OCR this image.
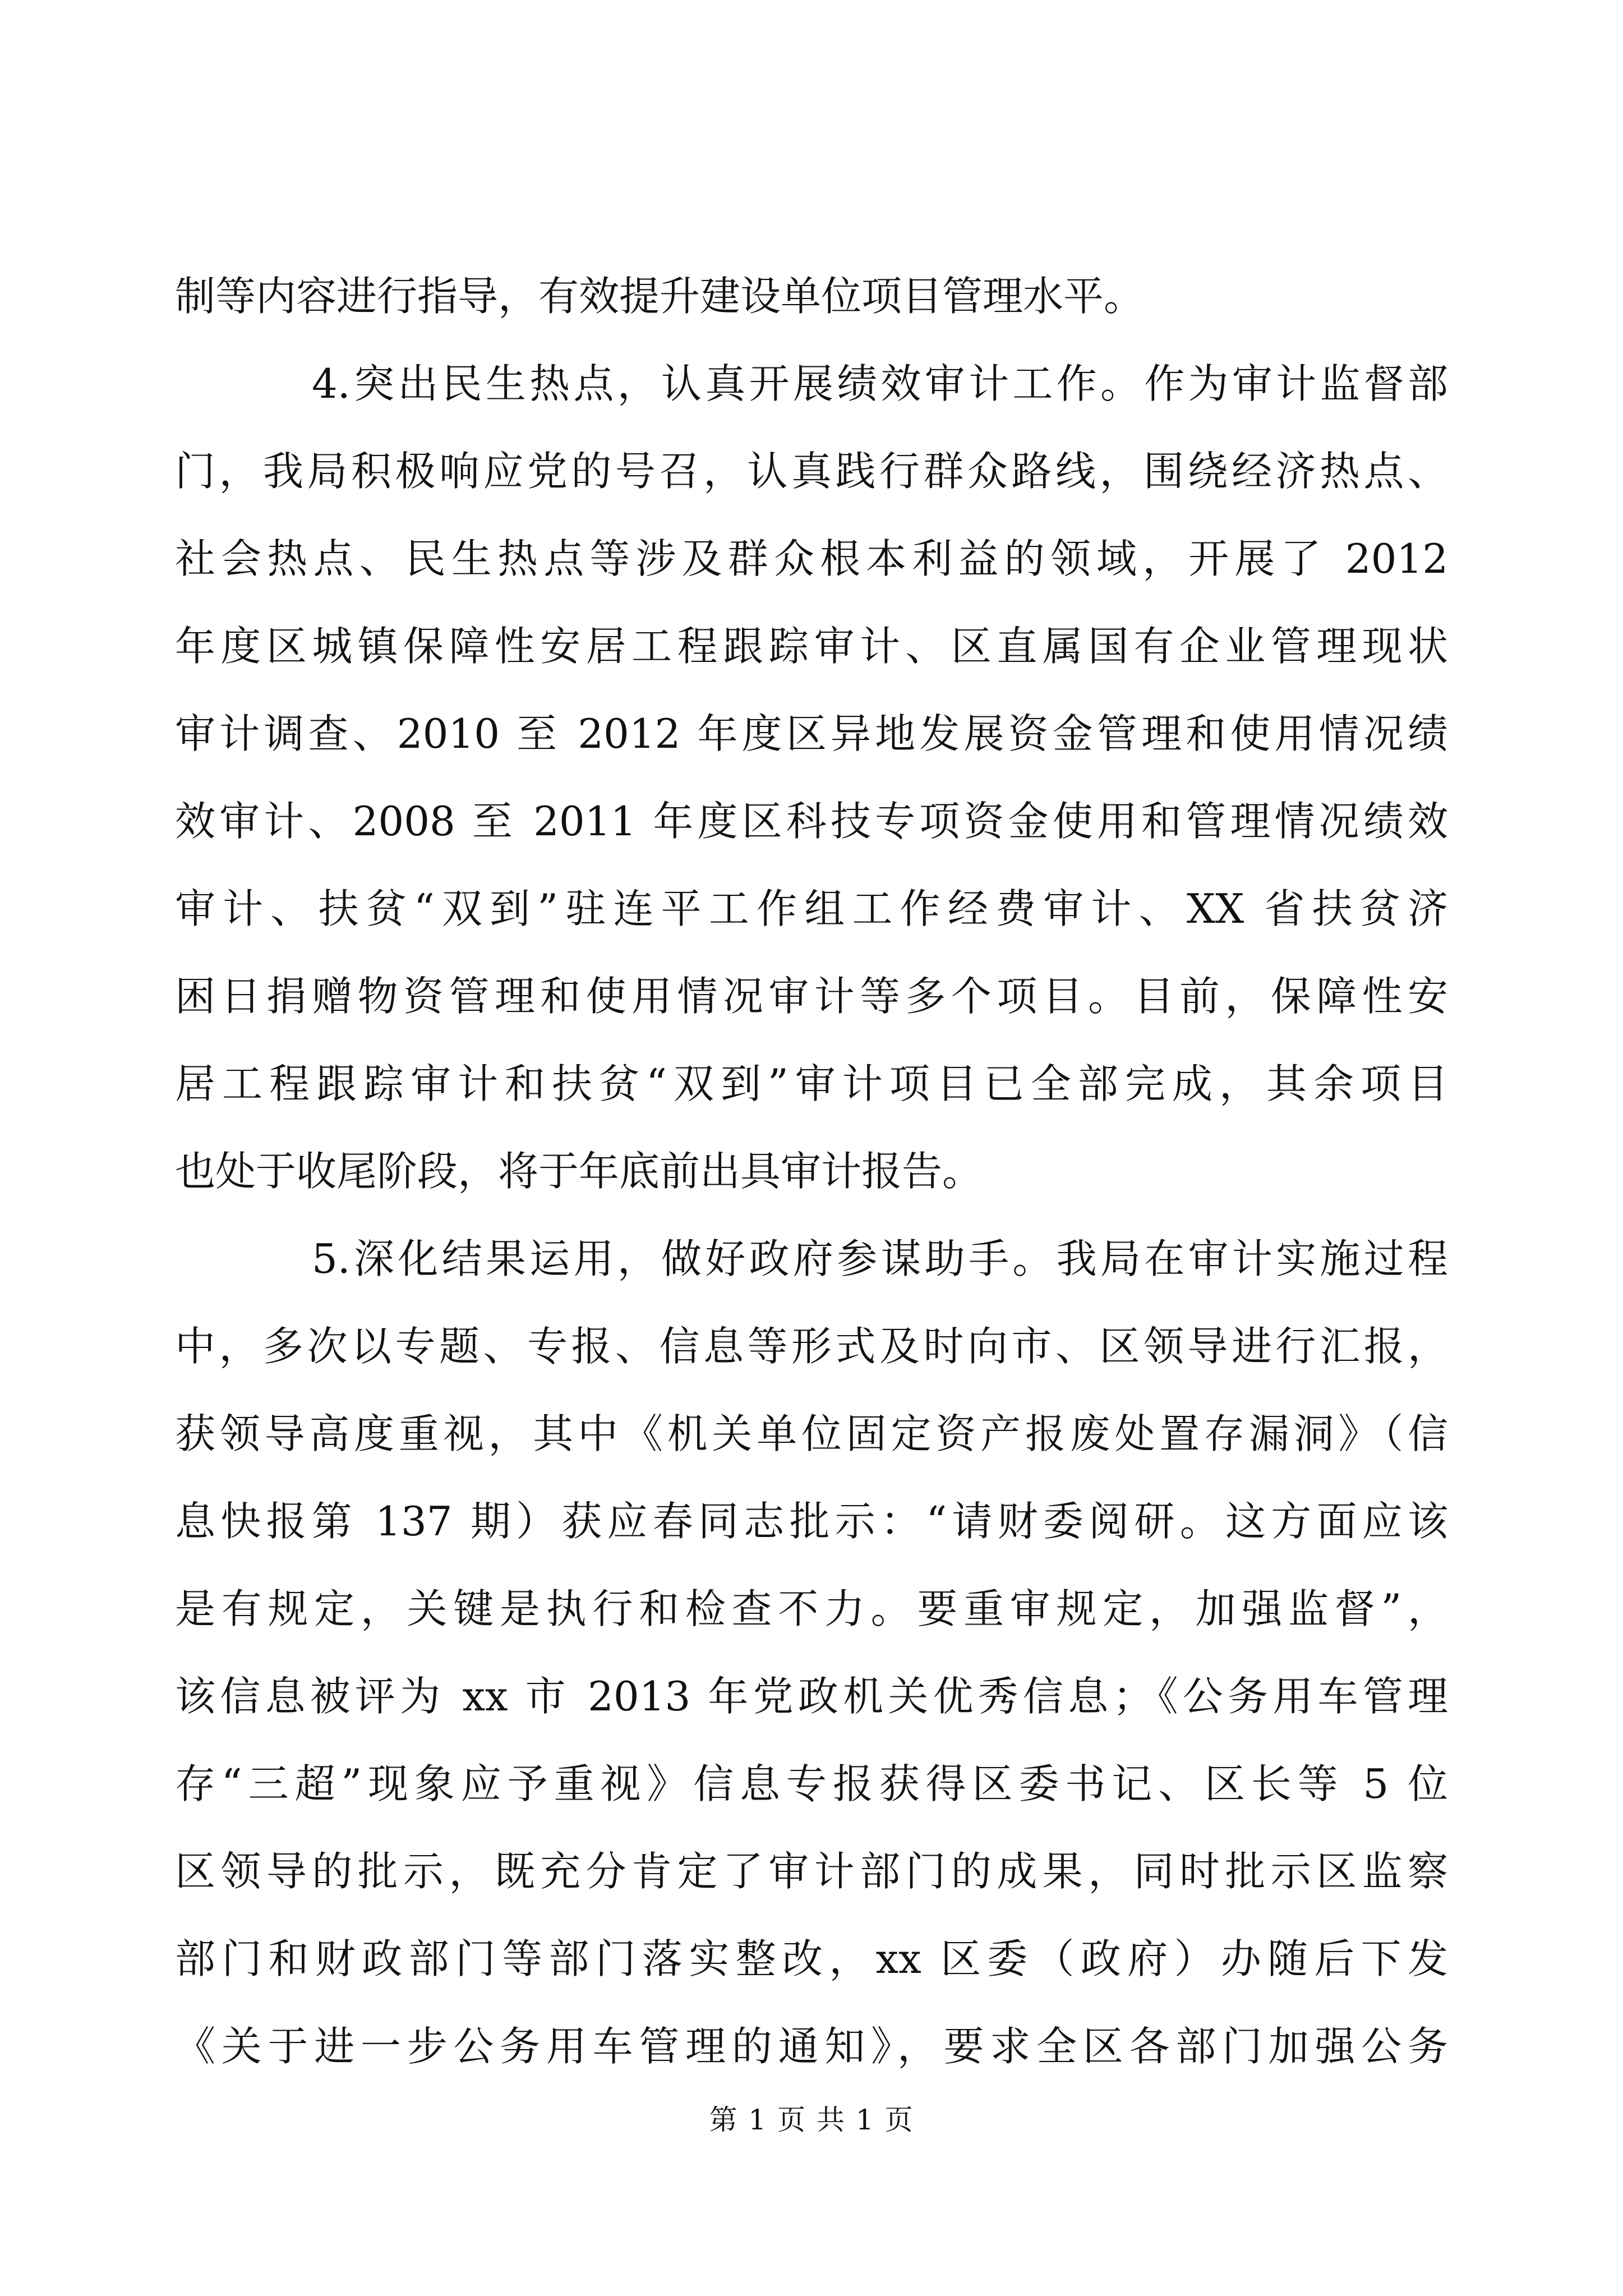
制等内容进行指导，有效提升建设单位项目管理水平。
4.突出民生热点，认真开展绩效审计工作。作为审计监督部
门，我局积极响应党的号召，认真践行群众路线，围绕经济热点、
社会热点、民生热点等涉及群众根本利益的领域，开展了 2012
年度区城镇保障性安居工程跟踪审计、区直属国有企业管理现状
审计调查、2010 至 2012 年度区异地发展资金管理和使用情况绩
效审计、2008 至 2011 年度区科技专项资金使用和管理情况绩效
审计、扶贫“双到”驻连平工作组工作经费审计、XX 省扶贫济
困日捐赠物资管理和使用情况审计等多个项目。目前，保障性安
居工程跟踪审计和扶贫“双到”审计项目已全部完成，其余项目
也处于收尾阶段，将于年底前出具审计报告。
5.深化结果运用，做好政府参谋助手。我局在审计实施过程
中，多次以专题、专报、信息等形式及时向市、区领导进行汇报，
获领导高度重视，其中《机关单位固定资产报废处置存漏洞》（信
息快报第 137 期）获应春同志批示：“请财委阅研。这方面应该
是有规定，关键是执行和检查不力。要重审规定，加强监督”，
该信息被评为 xx 市 2013 年党政机关优秀信息；《公务用车管理
存“三超”现象应予重视》信息专报获得区委书记、区长等 5 位
区领导的批示，既充分肯定了审计部门的成果，同时批示区监察
部门和财政部门等部门落实整改，xx 区委（政府）办随后下发
《关于进一步公务用车管理的通知》，要求全区各部门加强公务
第 1 页 共 1 页
